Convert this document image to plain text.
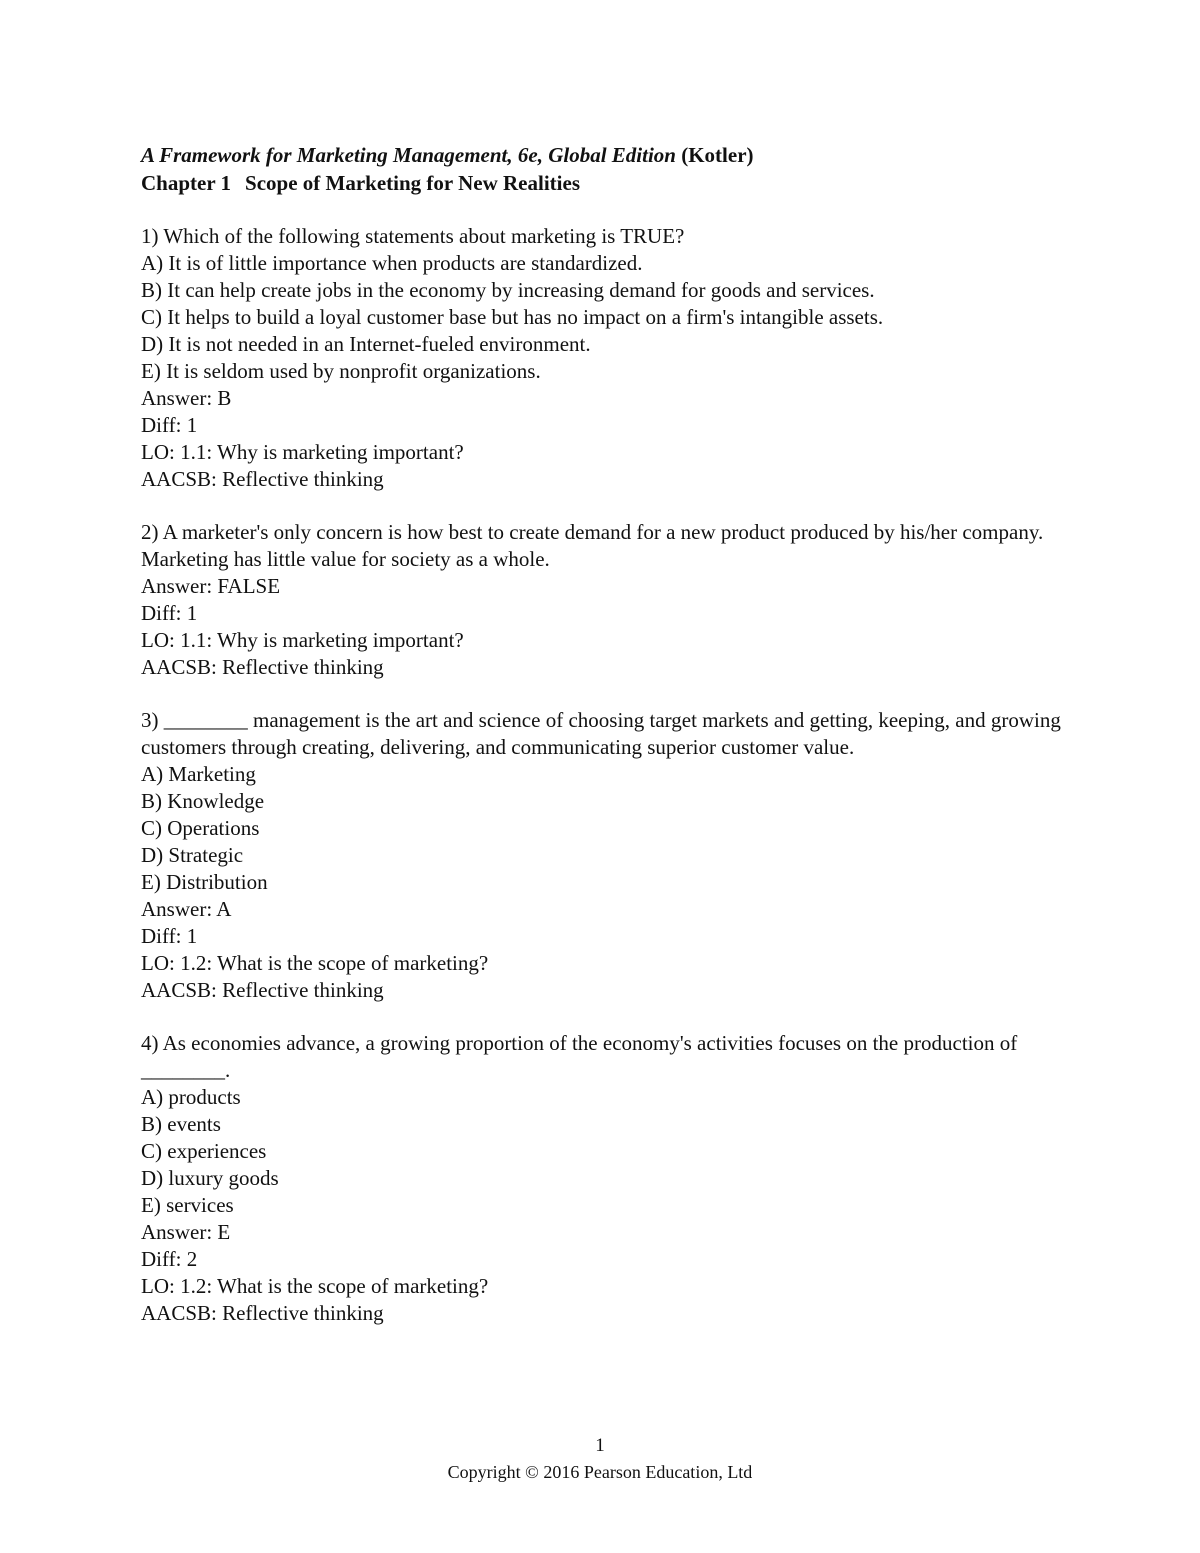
A Framework for Marketing Management, 6e, Global Edition (Kotler)
Chapter 1 Scope of Marketing for New Realities
1) Which of the following statements about marketing is TRUE?
A) It is of little importance when products are standardized.
B) It can help create jobs in the economy by increasing demand for goods and services.
C) It helps to build a loyal customer base but has no impact on a firm's intangible assets.
D) It is not needed in an Internet-fueled environment.
E) It is seldom used by nonprofit organizations.
Answer: B
Diff: 1
LO: 1.1: Why is marketing important?
AACSB: Reflective thinking
2) A marketer's only concern is how best to create demand for a new product produced by his/her company. Marketing has little value for society as a whole.
Answer: FALSE
Diff: 1
LO: 1.1: Why is marketing important?
AACSB: Reflective thinking
3) ________ management is the art and science of choosing target markets and getting, keeping, and growing customers through creating, delivering, and communicating superior customer value.
A) Marketing
B) Knowledge
C) Operations
D) Strategic
E) Distribution
Answer: A
Diff: 1
LO: 1.2: What is the scope of marketing?
AACSB: Reflective thinking
4) As economies advance, a growing proportion of the economy's activities focuses on the production of ________.
A) products
B) events
C) experiences
D) luxury goods
E) services
Answer: E
Diff: 2
LO: 1.2: What is the scope of marketing?
AACSB: Reflective thinking
1
Copyright © 2016 Pearson Education, Ltd
